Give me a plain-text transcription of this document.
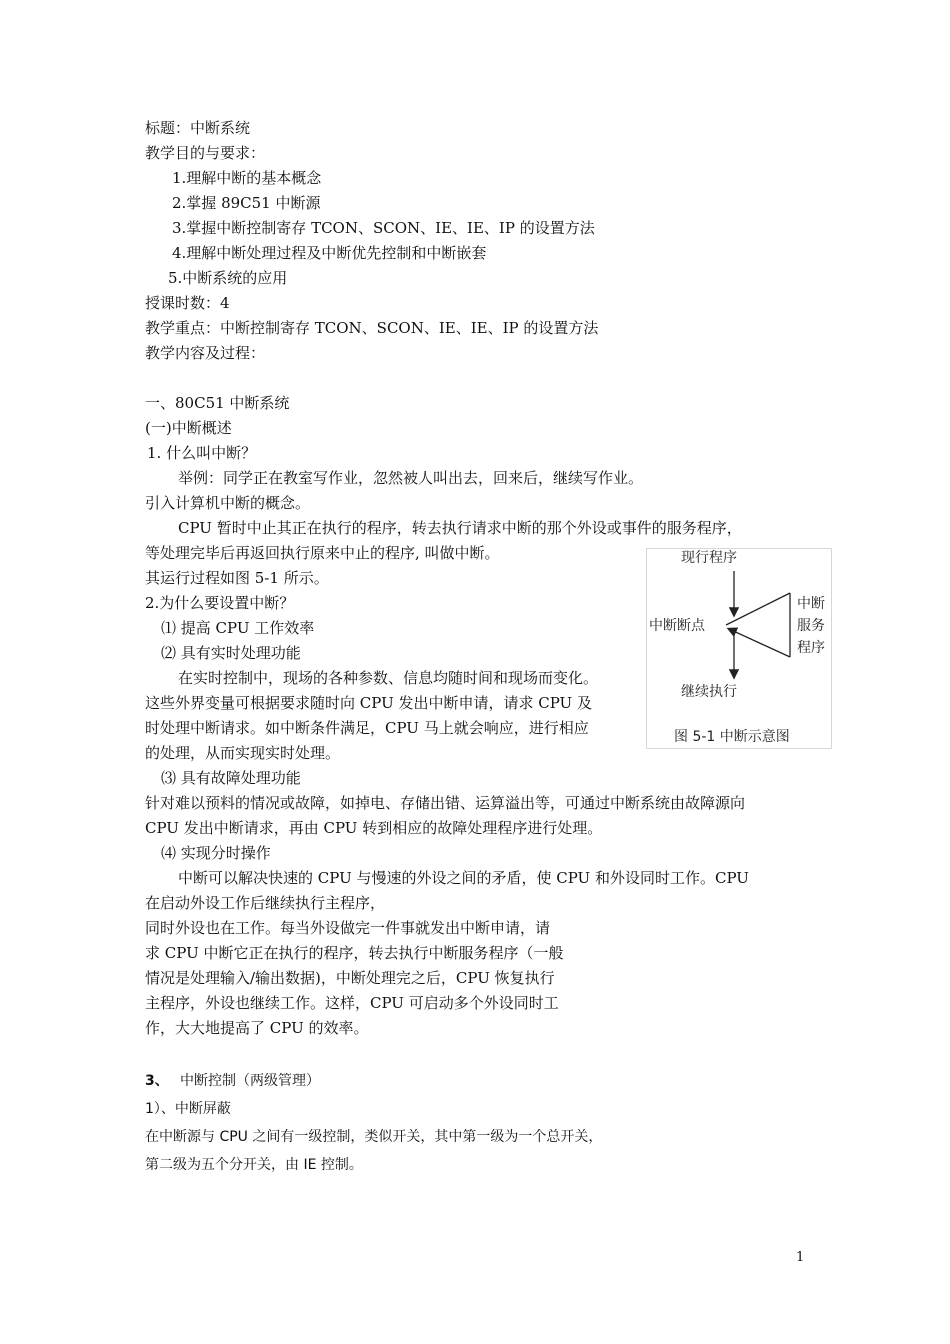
标题：中断系统
教学目的与要求：
1.理解中断的基本概念
2.掌握 89C51 中断源
3.掌握中断控制寄存 TCON、SCON、IE、IE、IP 的设置方法
4.理解中断处理过程及中断优先控制和中断嵌套
5.中断系统的应用
授课时数：4
教学重点：中断控制寄存 TCON、SCON、IE、IE、IP 的设置方法
教学内容及过程：
一、80C51 中断系统
(一)中断概述
1. 什么叫中断？
举例：同学正在教室写作业，忽然被人叫出去，回来后，继续写作业。
引入计算机中断的概念。
CPU 暂时中止其正在执行的程序，转去执行请求中断的那个外设或事件的服务程序，
等处理完毕后再返回执行原来中止的程序, 叫做中断。
其运行过程如图 5-1 所示。
2.为什么要设置中断？
⑴ 提高 CPU 工作效率
⑵ 具有实时处理功能
在实时控制中，现场的各种参数、信息均随时间和现场而变化。
这些外界变量可根据要求随时向 CPU 发出中断申请，请求 CPU 及
时处理中断请求。如中断条件满足，CPU 马上就会响应，进行相应
的处理，从而实现实时处理。
⑶ 具有故障处理功能
针对难以预料的情况或故障，如掉电、存储出错、运算溢出等，可通过中断系统由故障源向
CPU 发出中断请求，再由 CPU 转到相应的故障处理程序进行处理。
⑷ 实现分时操作
中断可以解决快速的 CPU 与慢速的外设之间的矛盾，使 CPU 和外设同时工作。CPU
在启动外设工作后继续执行主程序，
同时外设也在工作。每当外设做完一件事就发出中断申请，请
求 CPU 中断它正在执行的程序，转去执行中断服务程序（一般
情况是处理输入/输出数据)，中断处理完之后，CPU 恢复执行
主程序，外设也继续工作。这样，CPU 可启动多个外设同时工
作，大大地提高了 CPU 的效率。
3、 中断控制（两级管理）
1）、中断屏蔽
在中断源与 CPU 之间有一级控制，类似开关，其中第一级为一个总开关，
第二级为五个分开关，由 IE 控制。
现行程序
中断断点
中断
服务
程序
继续执行
图 5-1 中断示意图
1
